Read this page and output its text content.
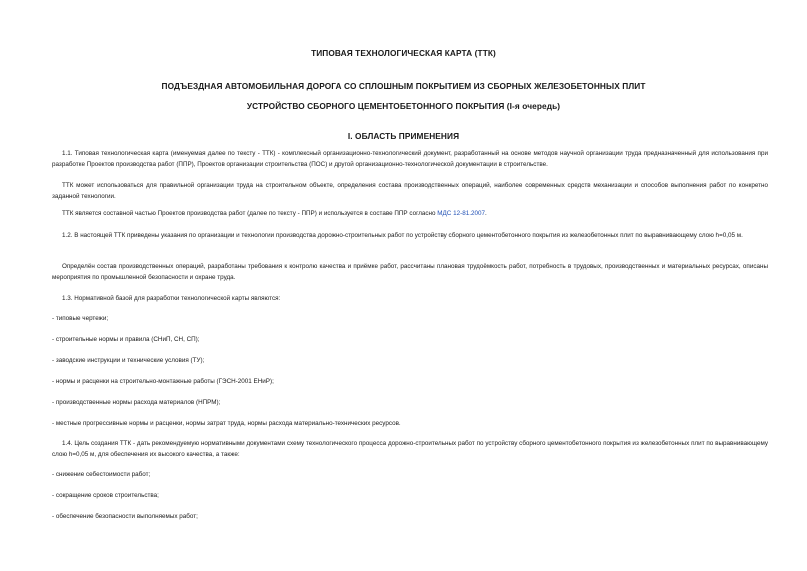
ТИПОВАЯ ТЕХНОЛОГИЧЕСКАЯ КАРТА (ТТК)
ПОДЪЕЗДНАЯ АВТОМОБИЛЬНАЯ ДОРОГА СО СПЛОШНЫМ ПОКРЫТИЕМ ИЗ СБОРНЫХ ЖЕЛЕЗОБЕТОННЫХ ПЛИТ
УСТРОЙСТВО СБОРНОГО ЦЕМЕНТОБЕТОННОГО ПОКРЫТИЯ (I-я очередь)
I. ОБЛАСТЬ ПРИМЕНЕНИЯ
1.1. Типовая технологическая карта (именуемая далее по тексту - ТТК) - комплексный организационно-технологический документ, разработанный на основе методов научной организации труда предназначенный для использования при разработке Проектов производства работ (ППР), Проектов организации строительства (ПОС) и другой организационно-технологической документации в строительстве.
ТТК может использоваться для правильной организации труда на строительном объекте, определения состава производственных операций, наиболее современных средств механизации и способов выполнения работ по конкретно заданной технологии.
ТТК является составной частью Проектов производства работ (далее по тексту - ППР) и используется в составе ППР согласно МДС 12-81.2007.
1.2. В настоящей ТТК приведены указания по организации и технологии производства дорожно-строительных работ по устройству сборного цементобетонного покрытия из железобетонных плит по выравнивающему слою h=0,05 м.
Определён состав производственных операций, разработаны требования к контролю качества и приёмке работ, рассчитаны плановая трудоёмкость работ, потребность в трудовых, производственных и материальных ресурсах, описаны мероприятия по промышленной безопасности и охране труда.
1.3. Нормативной базой для разработки технологической карты являются:
- типовые чертежи;
- строительные нормы и правила (СНиП, СН, СП);
- заводские инструкции и технические условия (ТУ);
- нормы и расценки на строительно-монтажные работы (ГЭСН-2001 ЕНиР);
- производственные нормы расхода материалов (НПРМ);
- местные прогрессивные нормы и расценки, нормы затрат труда, нормы расхода материально-технических ресурсов.
1.4. Цель создания ТТК - дать рекомендуемую нормативными документами схему технологического процесса дорожно-строительных работ по устройству сборного цементобетонного покрытия из железобетонных плит по выравнивающему слою h=0,05 м, для обеспечения их высокого качества, а также:
- снижение себестоимости работ;
- сокращение сроков строительства;
- обеспечение безопасности выполняемых работ;
